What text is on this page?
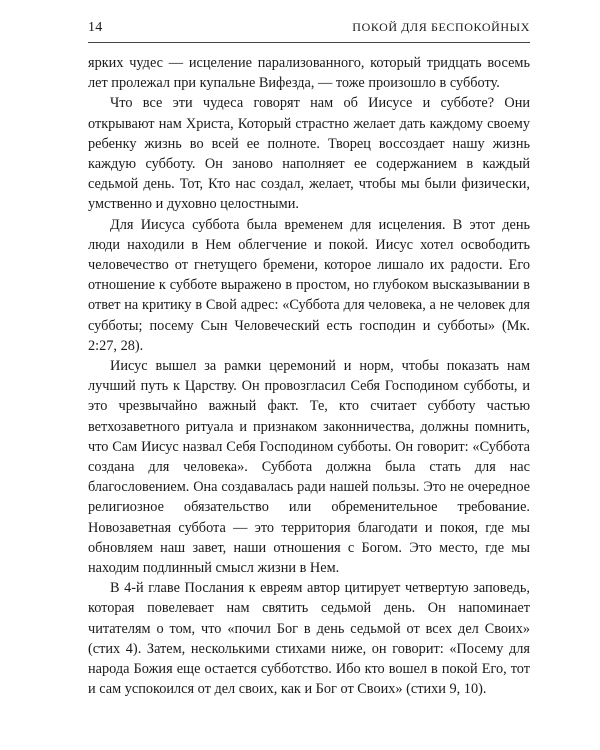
14	ПОКОЙ ДЛЯ БЕСПОКОЙНЫХ

ярких чудес — исцеление парализованного, который тридцать восемь лет пролежал при купальне Вифезда, — тоже произошло в субботу.

Что все эти чудеса говорят нам об Иисусе и субботе? Они открывают нам Христа, Который страстно желает дать каждому своему ребенку жизнь во всей ее полноте. Творец воссоздает нашу жизнь каждую субботу. Он заново наполняет ее содержанием в каждый седьмой день. Тот, Кто нас создал, желает, чтобы мы были физически, умственно и духовно целостными.

Для Иисуса суббота была временем для исцеления. В этот день люди находили в Нем облегчение и покой. Иисус хотел освободить человечество от гнетущего бремени, которое лишало их радости. Его отношение к субботе выражено в простом, но глубоком высказывании в ответ на критику в Свой адрес: «Суббота для человека, а не человек для субботы; посему Сын Человеческий есть господин и субботы» (Мк. 2:27, 28).

Иисус вышел за рамки церемоний и норм, чтобы показать нам лучший путь к Царству. Он провозгласил Себя Господином субботы, и это чрезвычайно важный факт. Те, кто считает субботу частью ветхозаветного ритуала и признаком законничества, должны помнить, что Сам Иисус назвал Себя Господином субботы. Он говорит: «Суббота создана для человека». Суббота должна была стать для нас благословением. Она создавалась ради нашей пользы. Это не очередное религиозное обязательство или обременительное требование. Новозаветная суббота — это территория благодати и покоя, где мы обновляем наш завет, наши отношения с Богом. Это место, где мы находим подлинный смысл жизни в Нем.

В 4-й главе Послания к евреям автор цитирует четвертую заповедь, которая повелевает нам святить седьмой день. Он напоминает читателям о том, что «почил Бог в день седьмой от всех дел Своих» (стих 4). Затем, несколькими стихами ниже, он говорит: «Посему для народа Божия еще остается субботство. Ибо кто вошел в покой Его, тот и сам успокоился от дел своих, как и Бог от Своих» (стихи 9, 10).
